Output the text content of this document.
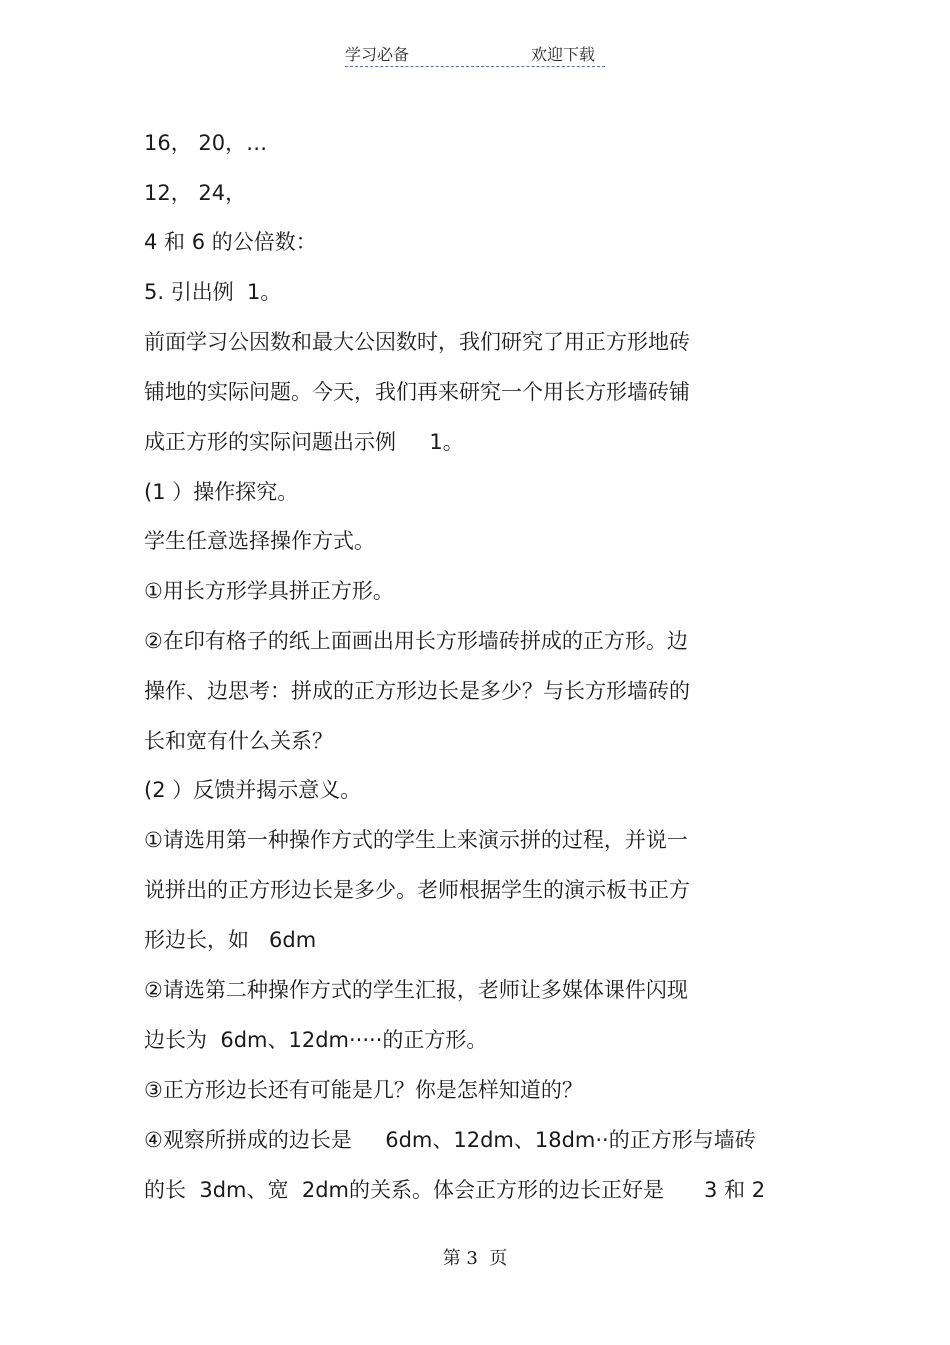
学习必备	欢迎下载
16， 20，…
12， 24，
4 和 6 的公倍数：
5. 引出例  1。
前面学习公因数和最大公因数时，我们研究了用正方形地砖
铺地的实际问题。今天，我们再来研究一个用长方形墙砖铺
成正方形的实际问题出示例     1。
(1 ）操作探究。
学生任意选择操作方式。
①用长方形学具拼正方形。
②在印有格子的纸上面画出用长方形墙砖拼成的正方形。边
操作、边思考：拼成的正方形边长是多少？与长方形墙砖的
长和宽有什么关系？
(2 ）反馈并揭示意义。
①请选用第一种操作方式的学生上来演示拼的过程，并说一
说拼出的正方形边长是多少。老师根据学生的演示板书正方
形边长，如   6dm
②请选第二种操作方式的学生汇报，老师让多媒体课件闪现
边长为  6dm、12dm·····的正方形。
③正方形边长还有可能是几？你是怎样知道的？
④观察所拼成的边长是     6dm、12dm、18dm··的正方形与墙砖
的长  3dm、宽  2dm的关系。体会正方形的边长正好是      3 和 2
第 3  页
